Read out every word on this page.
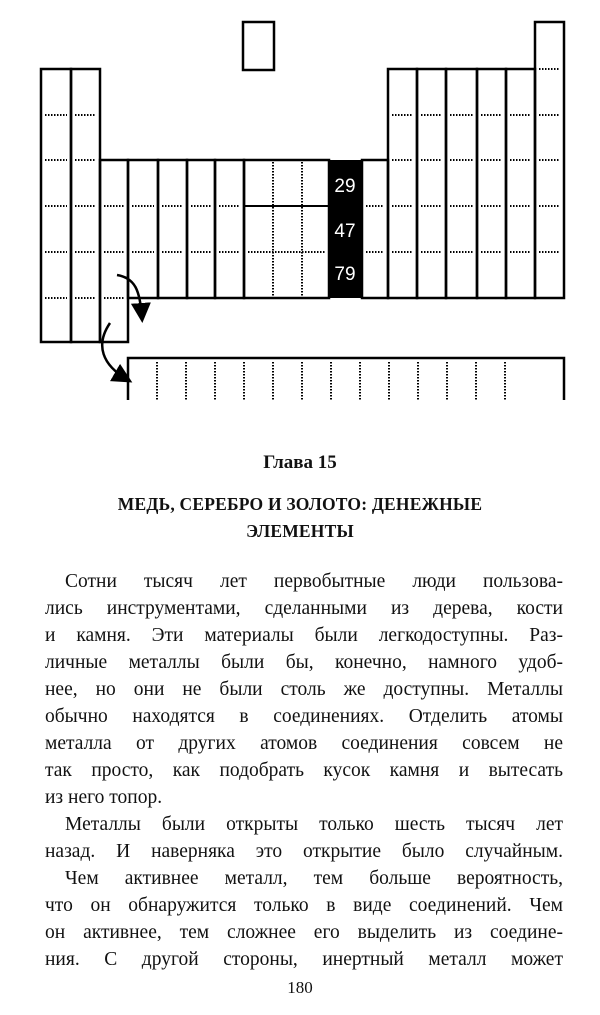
29
47
79
Глава 15
МЕДЬ, СЕРЕБРО И ЗОЛОТО: ДЕНЕЖНЫЕ
ЭЛЕМЕНТЫ
Сотни тысяч лет первобытные люди пользова-
лись инструментами, сделанными из дерева, кости
и камня. Эти материалы были легкодоступны. Раз-
личные металлы были бы, конечно, намного удоб-
нее, но они не были столь же доступны. Металлы
обычно находятся в соединениях. Отделить атомы
металла от других атомов соединения совсем не
так просто, как подобрать кусок камня и вытесать
из него топор.
Металлы были открыты только шесть тысяч лет
назад. И наверняка это открытие было случайным.
Чем активнее металл, тем больше вероятность,
что он обнаружится только в виде соединений. Чем
он активнее, тем сложнее его выделить из соедине-
ния. С другой стороны, инертный металл может
180
